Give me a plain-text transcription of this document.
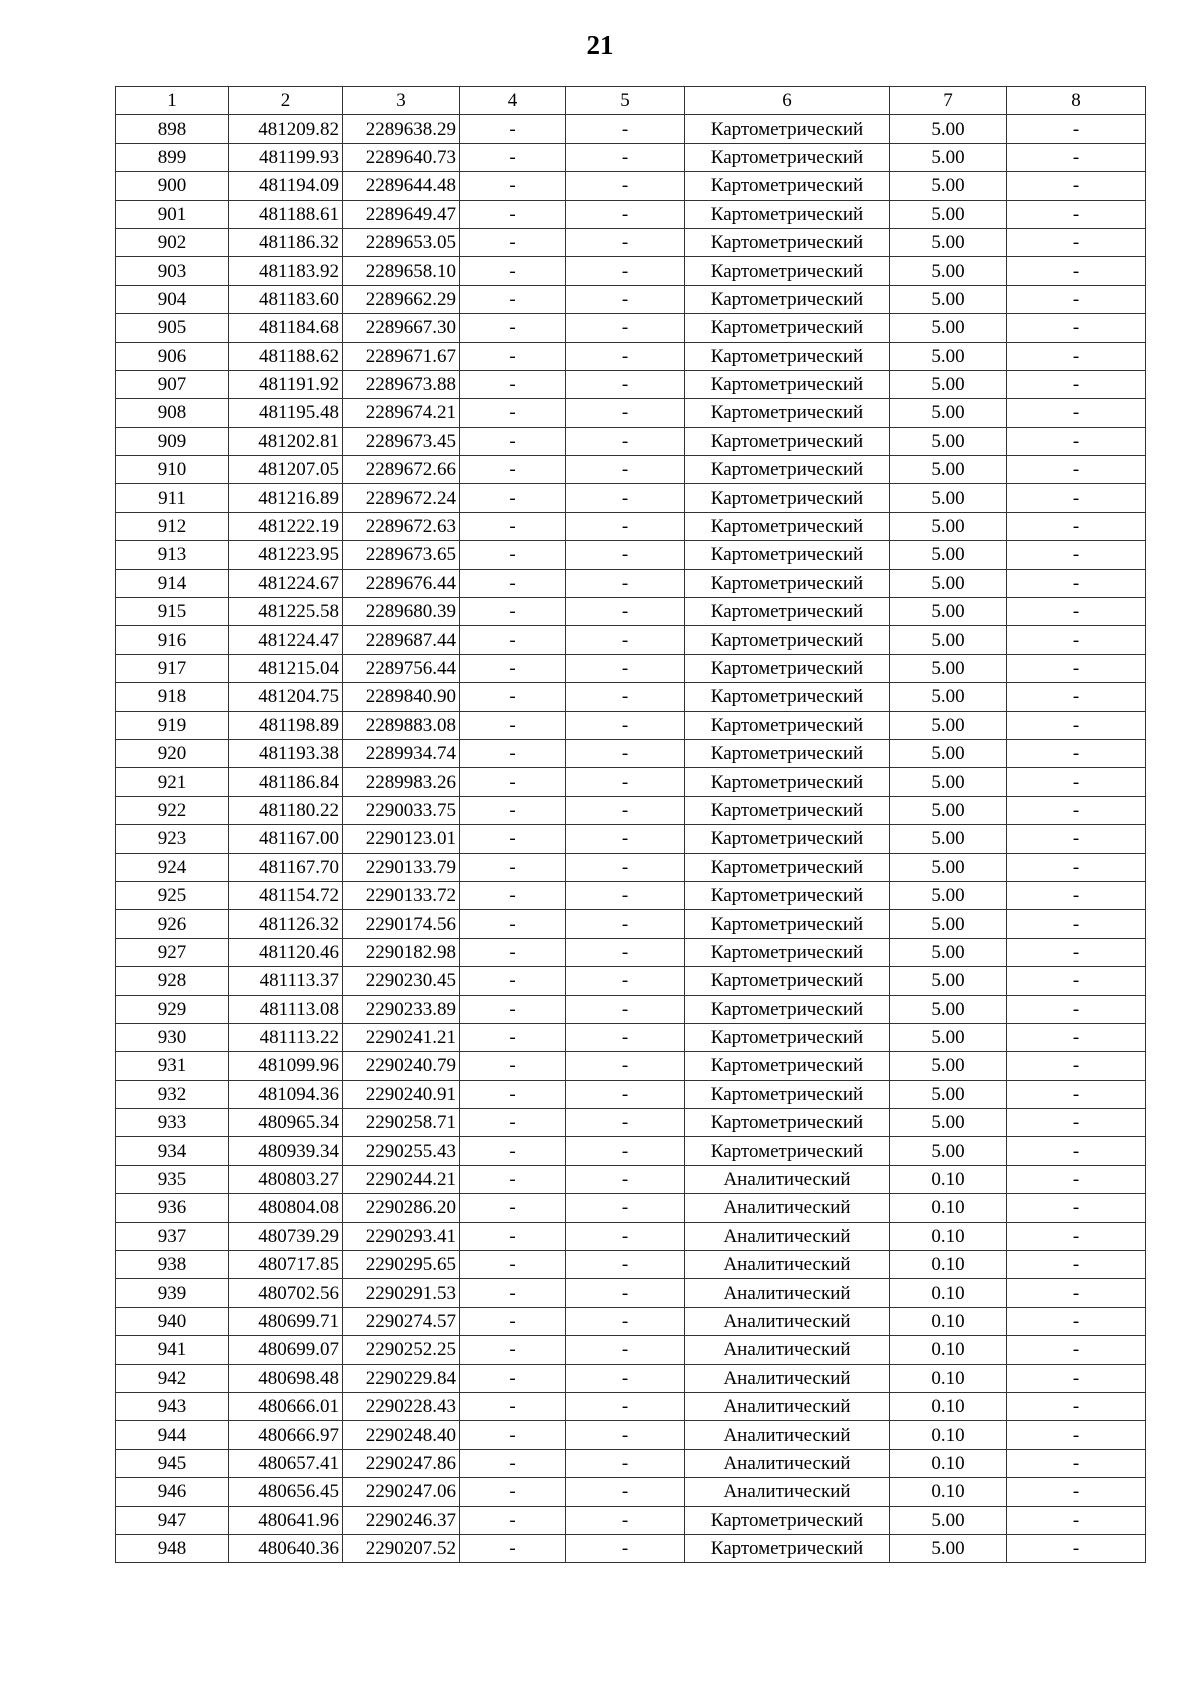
21
1	2	3	4	5	6	7	8
898	481209.82	2289638.29	-	-	Картометрический	5.00	-
899	481199.93	2289640.73	-	-	Картометрический	5.00	-
900	481194.09	2289644.48	-	-	Картометрический	5.00	-
901	481188.61	2289649.47	-	-	Картометрический	5.00	-
902	481186.32	2289653.05	-	-	Картометрический	5.00	-
903	481183.92	2289658.10	-	-	Картометрический	5.00	-
904	481183.60	2289662.29	-	-	Картометрический	5.00	-
905	481184.68	2289667.30	-	-	Картометрический	5.00	-
906	481188.62	2289671.67	-	-	Картометрический	5.00	-
907	481191.92	2289673.88	-	-	Картометрический	5.00	-
908	481195.48	2289674.21	-	-	Картометрический	5.00	-
909	481202.81	2289673.45	-	-	Картометрический	5.00	-
910	481207.05	2289672.66	-	-	Картометрический	5.00	-
911	481216.89	2289672.24	-	-	Картометрический	5.00	-
912	481222.19	2289672.63	-	-	Картометрический	5.00	-
913	481223.95	2289673.65	-	-	Картометрический	5.00	-
914	481224.67	2289676.44	-	-	Картометрический	5.00	-
915	481225.58	2289680.39	-	-	Картометрический	5.00	-
916	481224.47	2289687.44	-	-	Картометрический	5.00	-
917	481215.04	2289756.44	-	-	Картометрический	5.00	-
918	481204.75	2289840.90	-	-	Картометрический	5.00	-
919	481198.89	2289883.08	-	-	Картометрический	5.00	-
920	481193.38	2289934.74	-	-	Картометрический	5.00	-
921	481186.84	2289983.26	-	-	Картометрический	5.00	-
922	481180.22	2290033.75	-	-	Картометрический	5.00	-
923	481167.00	2290123.01	-	-	Картометрический	5.00	-
924	481167.70	2290133.79	-	-	Картометрический	5.00	-
925	481154.72	2290133.72	-	-	Картометрический	5.00	-
926	481126.32	2290174.56	-	-	Картометрический	5.00	-
927	481120.46	2290182.98	-	-	Картометрический	5.00	-
928	481113.37	2290230.45	-	-	Картометрический	5.00	-
929	481113.08	2290233.89	-	-	Картометрический	5.00	-
930	481113.22	2290241.21	-	-	Картометрический	5.00	-
931	481099.96	2290240.79	-	-	Картометрический	5.00	-
932	481094.36	2290240.91	-	-	Картометрический	5.00	-
933	480965.34	2290258.71	-	-	Картометрический	5.00	-
934	480939.34	2290255.43	-	-	Картометрический	5.00	-
935	480803.27	2290244.21	-	-	Аналитический	0.10	-
936	480804.08	2290286.20	-	-	Аналитический	0.10	-
937	480739.29	2290293.41	-	-	Аналитический	0.10	-
938	480717.85	2290295.65	-	-	Аналитический	0.10	-
939	480702.56	2290291.53	-	-	Аналитический	0.10	-
940	480699.71	2290274.57	-	-	Аналитический	0.10	-
941	480699.07	2290252.25	-	-	Аналитический	0.10	-
942	480698.48	2290229.84	-	-	Аналитический	0.10	-
943	480666.01	2290228.43	-	-	Аналитический	0.10	-
944	480666.97	2290248.40	-	-	Аналитический	0.10	-
945	480657.41	2290247.86	-	-	Аналитический	0.10	-
946	480656.45	2290247.06	-	-	Аналитический	0.10	-
947	480641.96	2290246.37	-	-	Картометрический	5.00	-
948	480640.36	2290207.52	-	-	Картометрический	5.00	-
